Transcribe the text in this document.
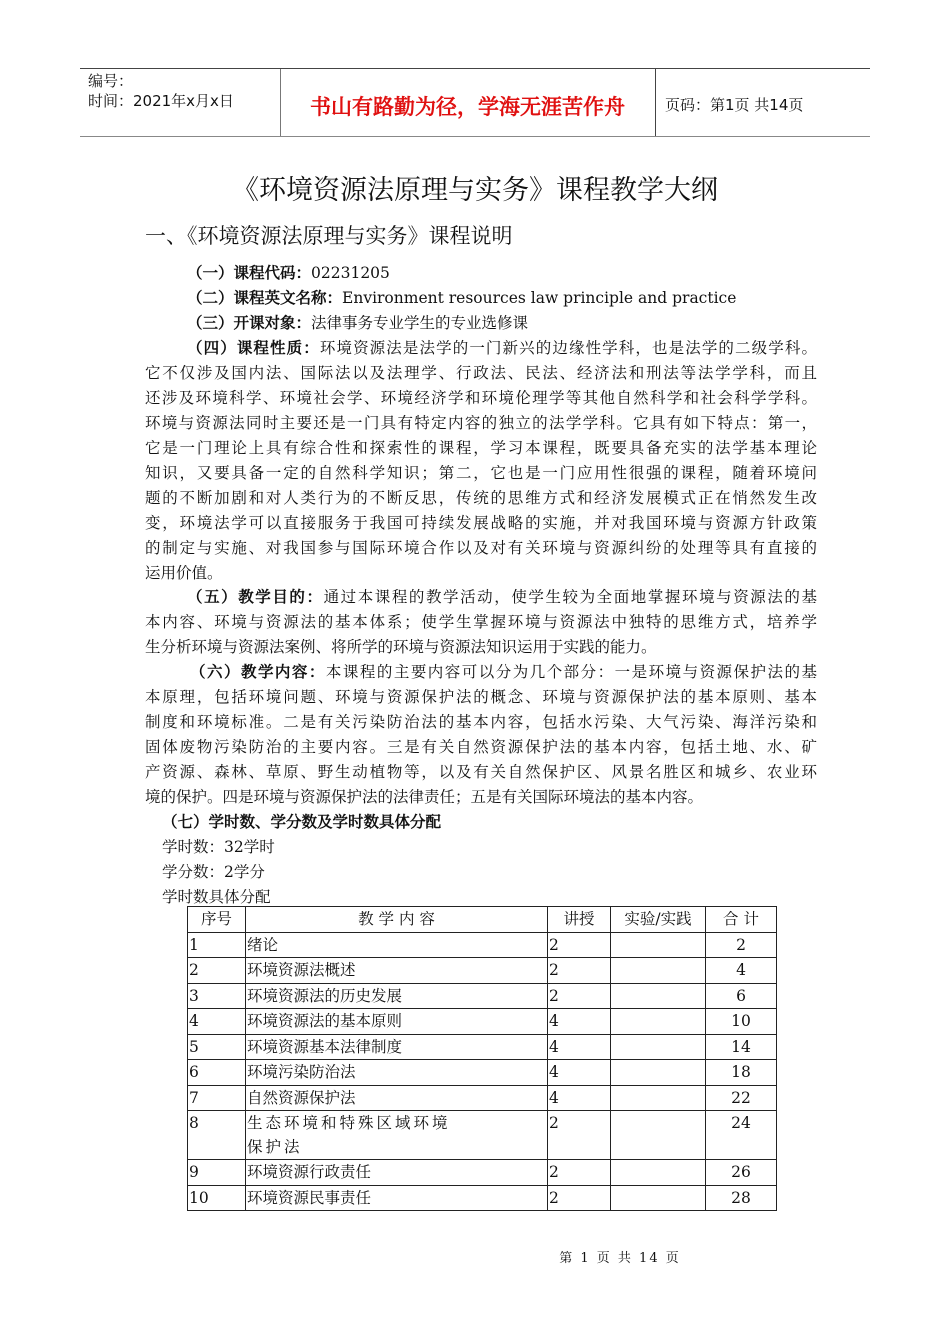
编号：
时间：2021年x月x日	书山有路勤为径，学海无涯苦作舟	页码：第1页 共14页
《环境资源法原理与实务》课程教学大纲
一、《环境资源法原理与实务》课程说明
（一）课程代码：02231205
（二）课程英文名称：Environment resources law principle and practice
（三）开课对象：法律事务专业学生的专业选修课
（四）课程性质：环境资源法是法学的一门新兴的边缘性学科，也是法学的二级学科。
它不仅涉及国内法、国际法以及法理学、行政法、民法、经济法和刑法等法学学科，而且
还涉及环境科学、环境社会学、环境经济学和环境伦理学等其他自然科学和社会科学学科。
环境与资源法同时主要还是一门具有特定内容的独立的法学学科。它具有如下特点：第一，
它是一门理论上具有综合性和探索性的课程，学习本课程，既要具备充实的法学基本理论
知识，又要具备一定的自然科学知识；第二，它也是一门应用性很强的课程，随着环境问
题的不断加剧和对人类行为的不断反思，传统的思维方式和经济发展模式正在悄然发生改
变，环境法学可以直接服务于我国可持续发展战略的实施，并对我国环境与资源方针政策
的制定与实施、对我国参与国际环境合作以及对有关环境与资源纠纷的处理等具有直接的
运用价值。
（五）教学目的：通过本课程的教学活动，使学生较为全面地掌握环境与资源法的基
本内容、环境与资源法的基本体系；使学生掌握环境与资源法中独特的思维方式，培养学
生分析环境与资源法案例、将所学的环境与资源法知识运用于实践的能力。
（六）教学内容：本课程的主要内容可以分为几个部分：一是环境与资源保护法的基
本原理，包括环境问题、环境与资源保护法的概念、环境与资源保护法的基本原则、基本
制度和环境标准。二是有关污染防治法的基本内容，包括水污染、大气污染、海洋污染和
固体废物污染防治的主要内容。三是有关自然资源保护法的基本内容，包括土地、水、矿
产资源、森林、草原、野生动植物等，以及有关自然保护区、风景名胜区和城乡、农业环
境的保护。四是环境与资源保护法的法律责任；五是有关国际环境法的基本内容。
（七）学时数、学分数及学时数具体分配
学时数：32学时
学分数：2学分
学时数具体分配
序号	教 学 内 容	讲授	实验/实践	合 计
1	绪论	2		2
2	环境资源法概述	2		4
3	环境资源法的历史发展	2		6
4	环境资源法的基本原则	4		10
5	环境资源基本法律制度	4		14
6	环境污染防治法	4		18
7	自然资源保护法	4		22
8	生态环境和特殊区域环境保护法	2		24
9	环境资源行政责任	2		26
10	环境资源民事责任	2		28
第 1 页 共 14 页
